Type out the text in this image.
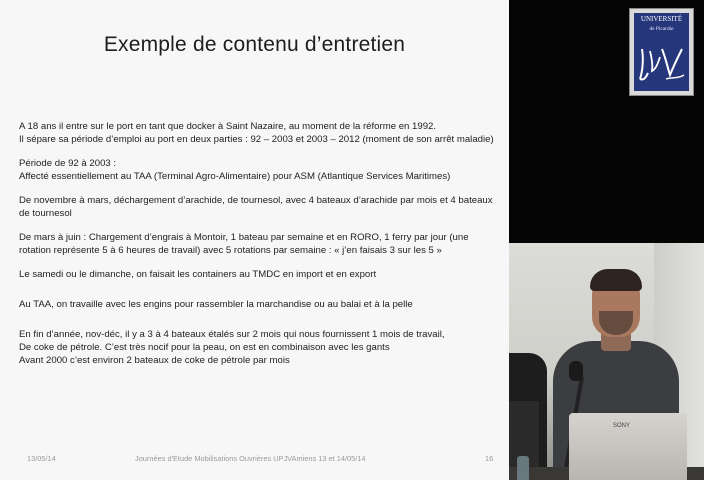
Exemple de contenu d’entretien

A 18 ans il entre sur le port en tant que docker à Saint Nazaire, au moment de la réforme en 1992.
Il sépare sa période d’emploi au port en deux parties : 92 – 2003 et 2003 – 2012 (moment de son arrêt maladie)

Période de 92 à 2003 :
Affecté essentiellement au TAA (Terminal Agro-Alimentaire) pour ASM (Atlantique Services Maritimes)

De novembre à mars, déchargement d’arachide, de tournesol, avec 4 bateaux d’arachide par mois et 4 bateaux de tournesol

De mars à juin : Chargement d’engrais à Montoir, 1 bateau par semaine et en RORO, 1 ferry par jour (une rotation représente 5 à 6 heures de travail) avec 5 rotations par semaine : « j’en faisais 3 sur les 5 »

Le samedi ou le dimanche, on faisait les containers au TMDC en import et en export

Au TAA, on travaille avec les engins pour rassembler la marchandise ou au balai et à la pelle

En fin d’année, nov-déc, il y a 3 à 4 bateaux étalés sur 2 mois qui nous fournissent 1 mois de travail,
De coke de pétrole. C’est très nocif pour la peau, on est en combinaison avec les gants
Avant 2000 c’est environ 2 bateaux de coke de pétrole par mois

13/05/14	Journées d'Etude Mobilisations Ouvrières UPJVAmiens 13 et 14/05/14	16
UNIVERSITÉ
de Picardie
SONY
